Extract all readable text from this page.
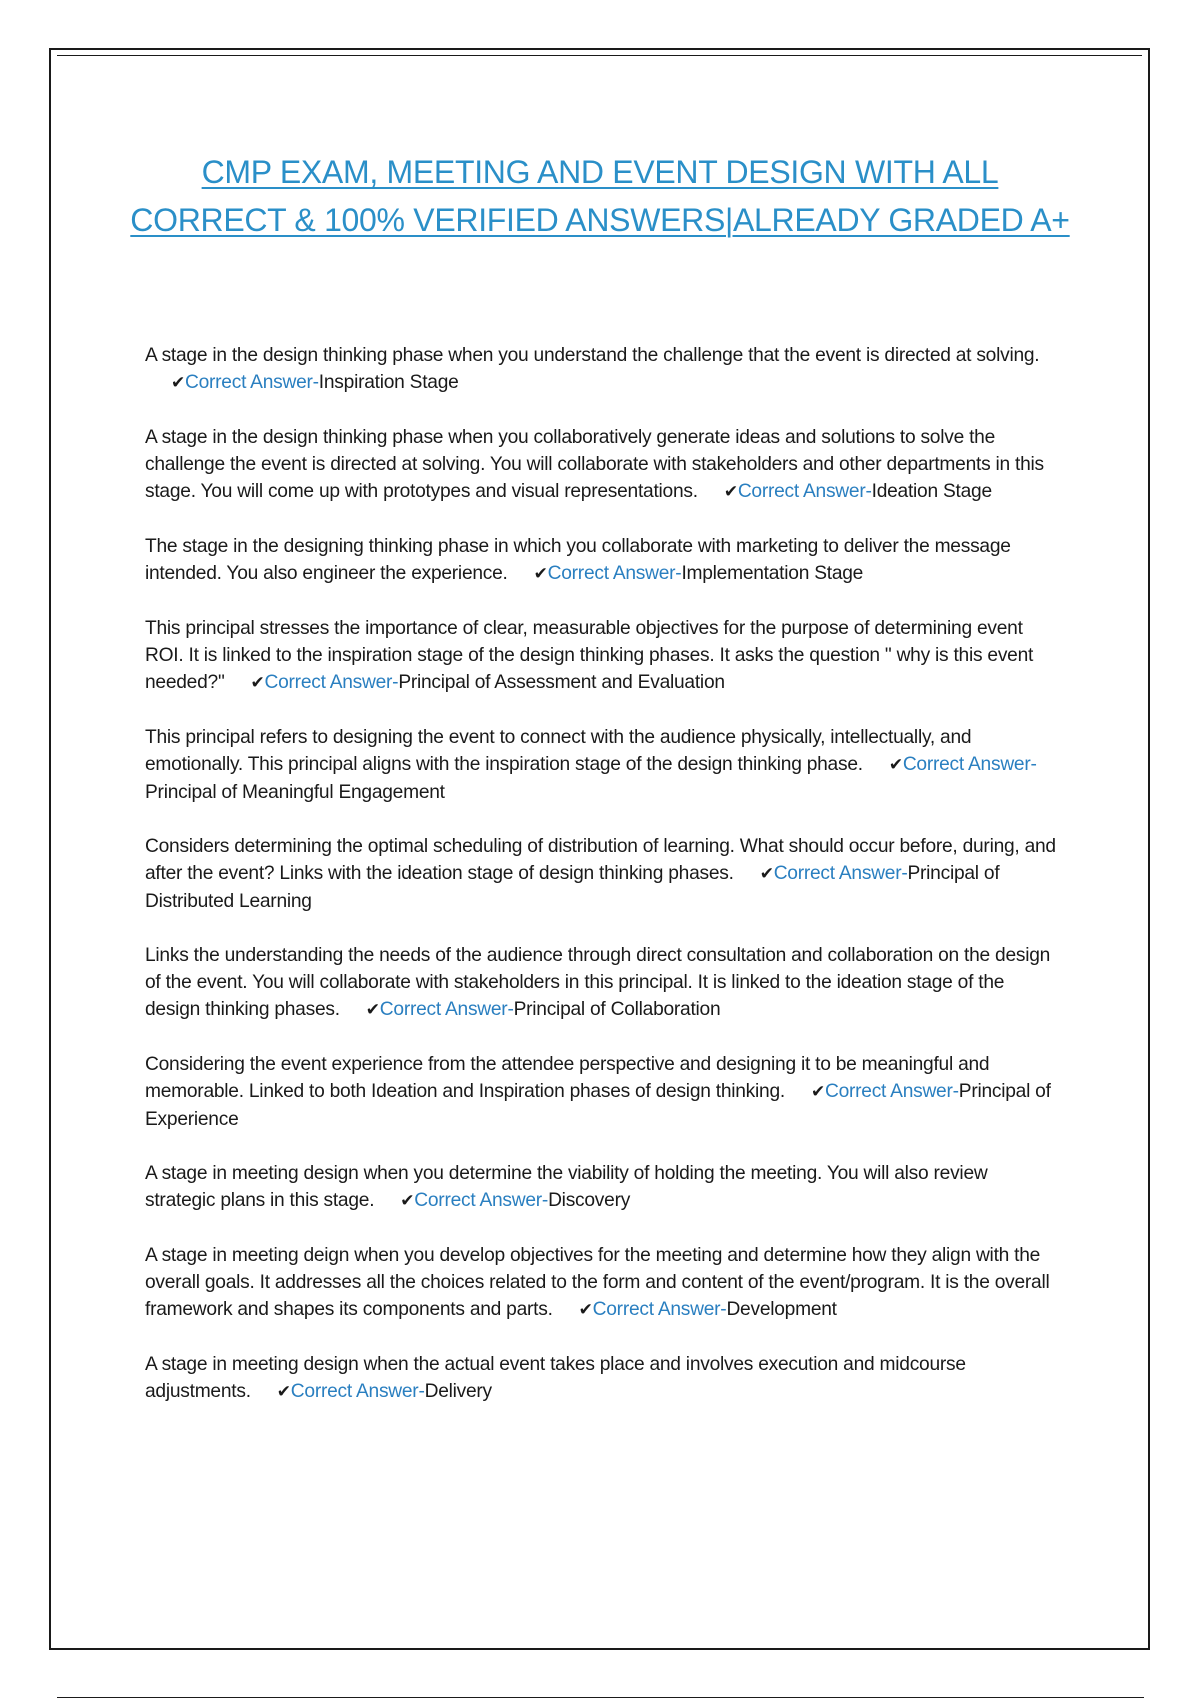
CMP EXAM, MEETING AND EVENT DESIGN WITH ALL CORRECT & 100% VERIFIED ANSWERS|ALREADY GRADED A+

A stage in the design thinking phase when you understand the challenge that the event is directed at solving.✔Correct Answer-Inspiration Stage

A stage in the design thinking phase when you collaboratively generate ideas and solutions to solve the challenge the event is directed at solving. You will collaborate with stakeholders and other departments in this stage. You will come up with prototypes and visual representations. ✔Correct Answer-Ideation Stage

The stage in the designing thinking phase in which you collaborate with marketing to deliver the message intended. You also engineer the experience. ✔Correct Answer-Implementation Stage

This principal stresses the importance of clear, measurable objectives for the purpose of determining event ROI. It is linked to the inspiration stage of the design thinking phases. It asks the question " why is this event needed?" ✔Correct Answer-Principal of Assessment and Evaluation

This principal refers to designing the event to connect with the audience physically, intellectually, and emotionally. This principal aligns with the inspiration stage of the design thinking phase. ✔Correct Answer-Principal of Meaningful Engagement

Considers determining the optimal scheduling of distribution of learning. What should occur before, during, and after the event? Links with the ideation stage of design thinking phases. ✔Correct Answer-Principal of Distributed Learning

Links the understanding the needs of the audience through direct consultation and collaboration on the design of the event. You will collaborate with stakeholders in this principal. It is linked to the ideation stage of the design thinking phases. ✔Correct Answer-Principal of Collaboration

Considering the event experience from the attendee perspective and designing it to be meaningful and memorable. Linked to both Ideation and Inspiration phases of design thinking. ✔Correct Answer-Principal of Experience

A stage in meeting design when you determine the viability of holding the meeting. You will also review strategic plans in this stage. ✔Correct Answer-Discovery

A stage in meeting deign when you develop objectives for the meeting and determine how they align with the overall goals. It addresses all the choices related to the form and content of the event/program. It is the overall framework and shapes its components and parts. ✔Correct Answer-Development

A stage in meeting design when the actual event takes place and involves execution and midcourse adjustments. ✔Correct Answer-Delivery
